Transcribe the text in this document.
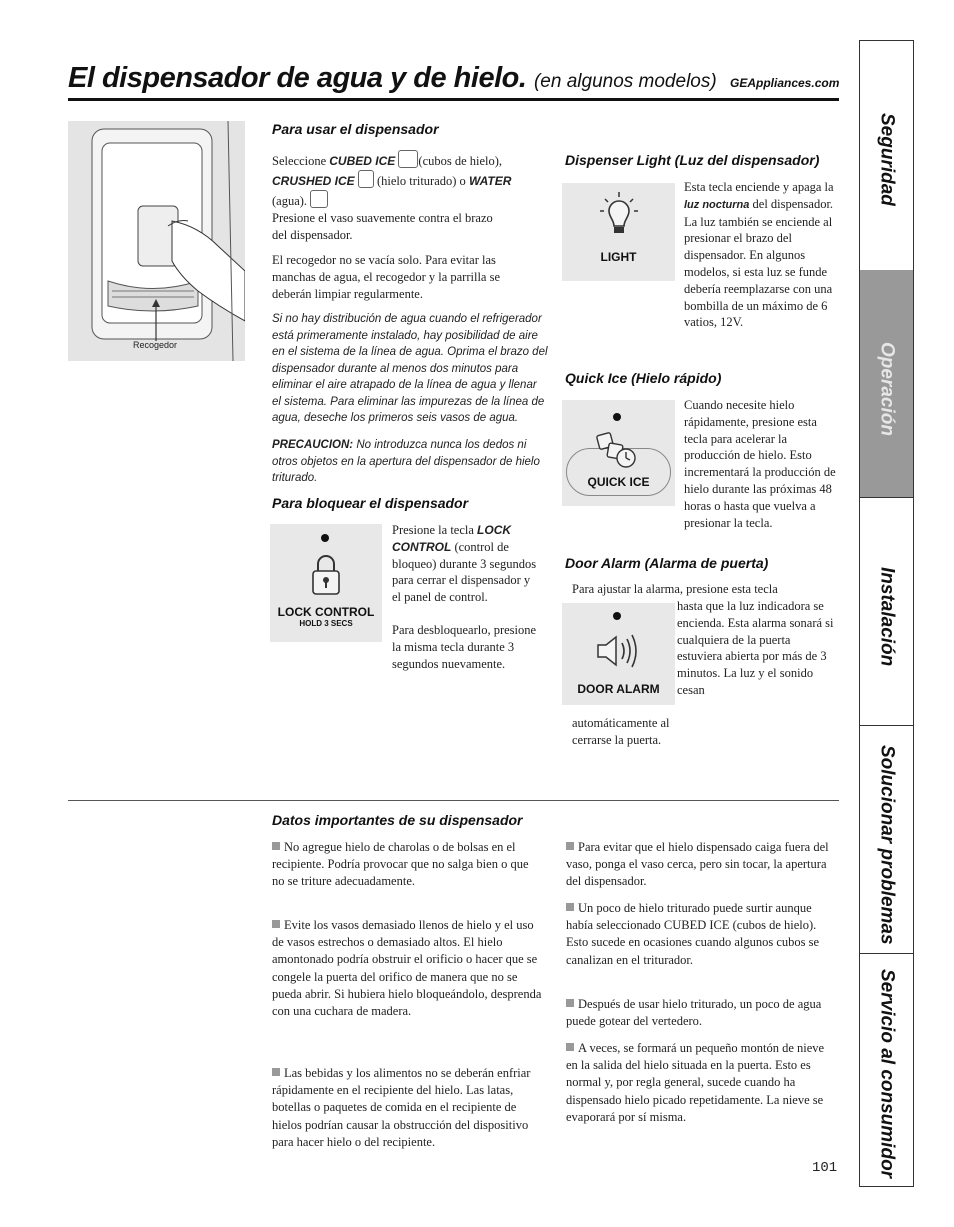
El dispensador de agua y de hielo. (en algunos modelos) GEAppliances.com
Recogedor
Para usar el dispensador

Seleccione CUBED ICE (cubos de hielo),
CRUSHED ICE (hielo triturado) o WATER
(agua).

Presione el vaso suavemente contra el brazo del dispensador.

El recogedor no se vacía solo. Para evitar las manchas de agua, el recogedor y la parrilla se deberán limpiar regularmente.

Si no hay distribución de agua cuando el refrigerador está primeramente instalado, hay posibilidad de aire en el sistema de la línea de agua. Oprima el brazo del dispensador durante al menos dos minutos para eliminar el aire atrapado de la línea de agua y llenar el sistema. Para eliminar las impurezas de la línea de agua, deseche los primeros seis vasos de agua.

PRECAUCION: No introduzca nunca los dedos ni otros objetos en la apertura del dispensador de hielo triturado.

Para bloquear el dispensador
LOCK CONTROL
HOLD 3 SECS

Presione la tecla LOCK CONTROL (control de bloqueo) durante 3 segundos para cerrar el dispensador y el panel de control.

Para desbloquearlo, presione la misma tecla durante 3 segundos nuevamente.

Dispenser Light (Luz del dispensador)
LIGHT

Esta tecla enciende y apaga la luz nocturna del dispensador. La luz también se enciende al presionar el brazo del dispensador. En algunos modelos, si esta luz se funde debería reemplazarse con una bombilla de un máximo de 6 vatios, 12V.

Quick Ice (Hielo rápido)
QUICK ICE

Cuando necesite hielo rápidamente, presione esta tecla para acelerar la producción de hielo. Esto incrementará la producción de hielo durante las próximas 48 horas o hasta que vuelva a presionar la tecla.

Door Alarm (Alarma de puerta)

Para ajustar la alarma, presione esta tecla

DOOR ALARM

hasta que la luz indicadora se encienda. Esta alarma sonará si cualquiera de la puerta estuviera abierta por más de 3 minutos. La luz y el sonido cesan

automáticamente al cerrarse la puerta.

Datos importantes de su dispensador
No agregue hielo de charolas o de bolsas en el recipiente. Podría provocar que no salga bien o que no se triture adecuadamente.
Evite los vasos demasiado llenos de hielo y el uso de vasos estrechos o demasiado altos. El hielo amontonado podría obstruir el orificio o hacer que se congele la puerta del orifico de manera que no se pueda abrir. Si hubiera hielo bloqueándolo, desprenda con una cuchara de madera.
Las bebidas y los alimentos no se deberán enfriar rápidamente en el recipiente del hielo. Las latas, botellas o paquetes de comida en el recipiente de hielos podrían causar la obstrucción del dispositivo para hacer hielo o del recipiente.
Para evitar que el hielo dispensado caiga fuera del vaso, ponga el vaso cerca, pero sin tocar, la apertura del dispensador.
Un poco de hielo triturado puede surtir aunque había seleccionado CUBED ICE (cubos de hielo). Esto sucede en ocasiones cuando algunos cubos se canalizan en el triturador.
Después de usar hielo triturado, un poco de agua puede gotear del vertedero.
A veces, se formará un pequeño montón de nieve en la salida del hielo situada en la puerta. Esto es normal y, por regla general, sucede cuando ha dispensado hielo picado repetidamente. La nieve se evaporará por sí misma.
Seguridad
Operación
Instalación
Solucionar problemas
Servicio al consumidor
101
